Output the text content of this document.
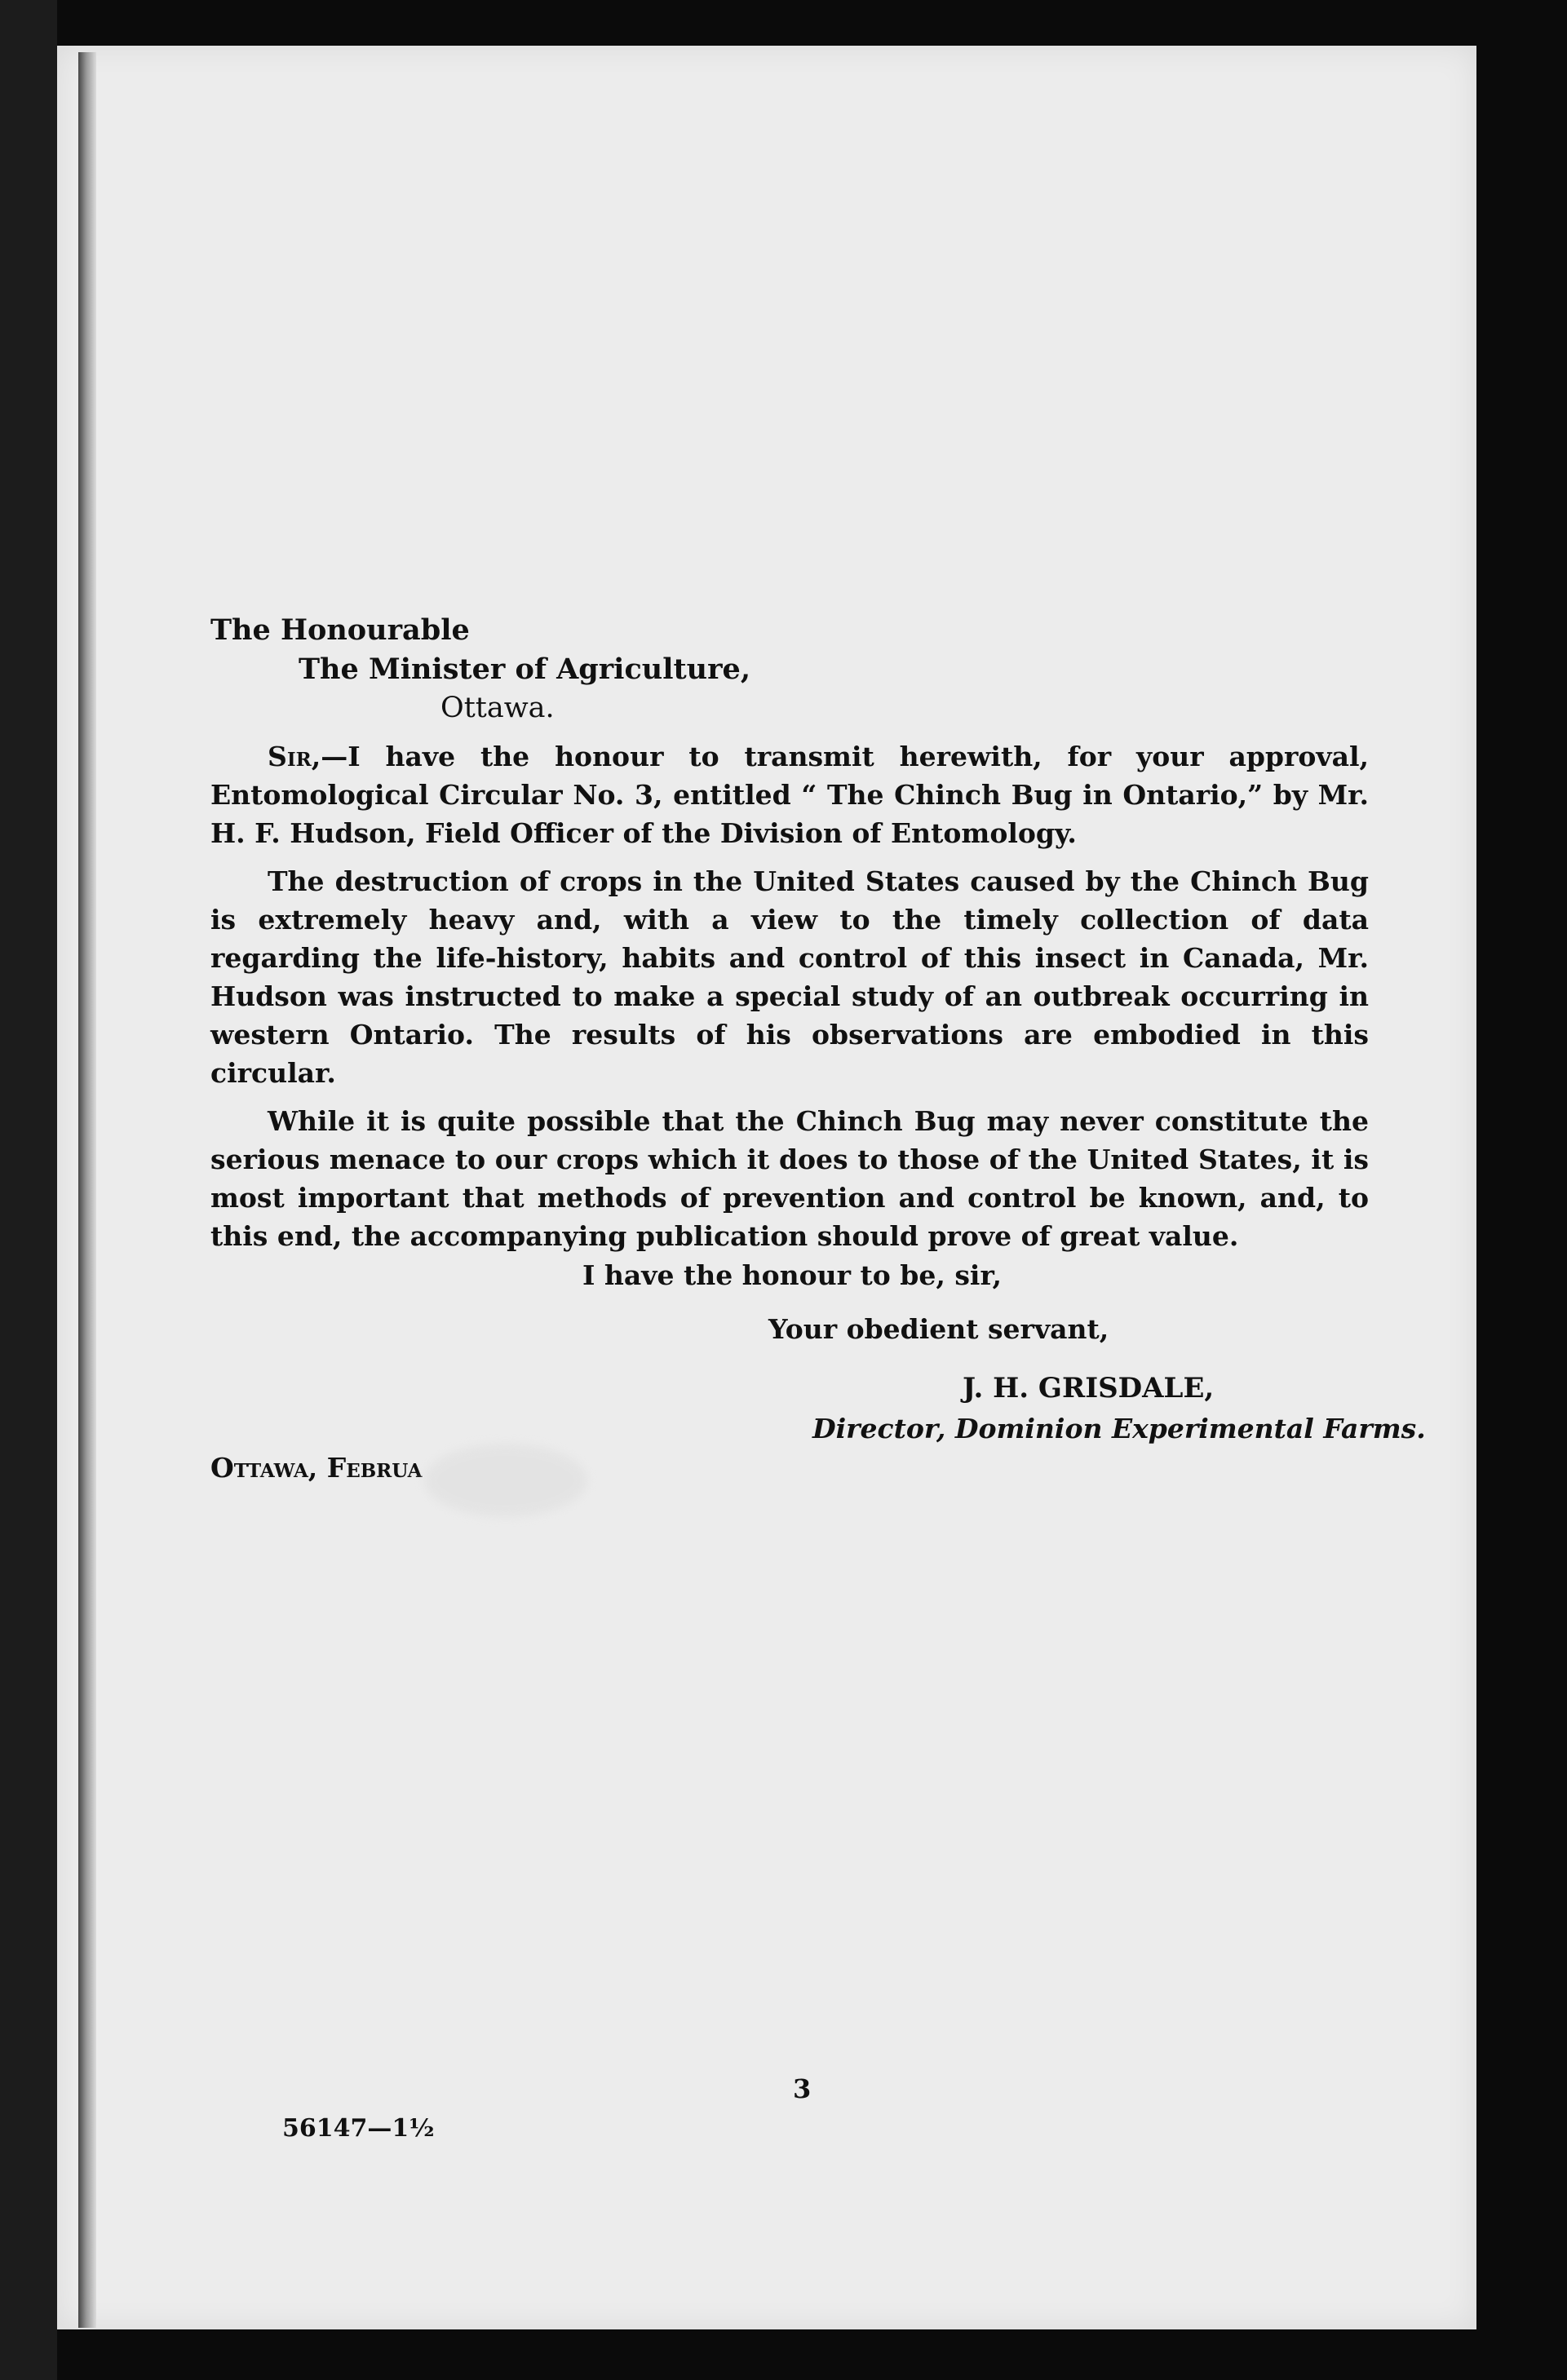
The Honourable
The Minister of Agriculture,
Ottawa.

Sir,—I have the honour to transmit herewith, for your approval, Entomological Circular No. 3, entitled “ The Chinch Bug in Ontario,” by Mr. H. F. Hudson, Field Officer of the Division of Entomology.

The destruction of crops in the United States caused by the Chinch Bug is extremely heavy and, with a view to the timely collection of data regarding the life-history, habits and control of this insect in Canada, Mr. Hudson was instructed to make a special study of an outbreak occurring in western Ontario. The results of his observations are embodied in this circular.

While it is quite possible that the Chinch Bug may never constitute the serious menace to our crops which it does to those of the United States, it is most important that methods of prevention and control be known, and, to this end, the accompanying publication should prove of great value.

I have the honour to be, sir,
Your obedient servant,
J. H. GRISDALE,
Director, Dominion Experimental Farms.
Ottawa, Februa
3
56147—1½
